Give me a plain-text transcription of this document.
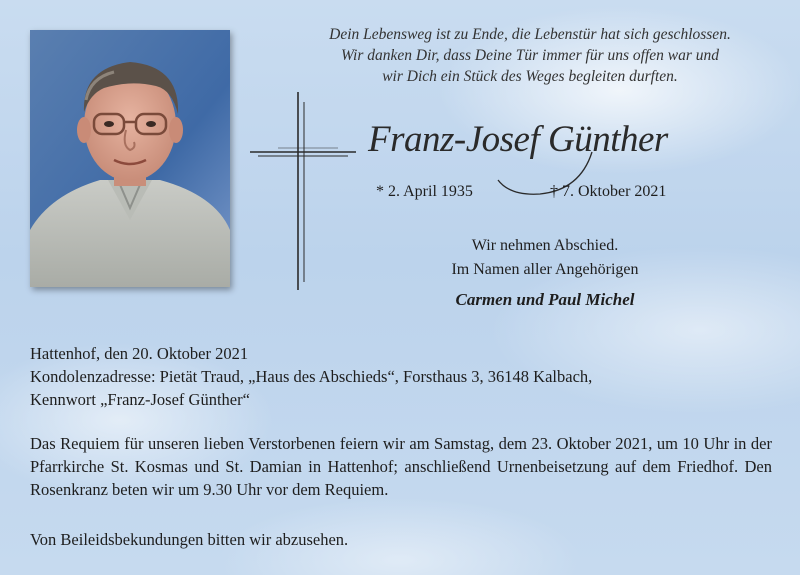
Dein Lebensweg ist zu Ende, die Lebenstür hat sich geschlossen.
Wir danken Dir, dass Deine Tür immer für uns offen war und
wir Dich ein Stück des Weges begleiten durften.
Franz-Josef Günther
* 2. April 1935	† 7. Oktober 2021
Wir nehmen Abschied.
Im Namen aller Angehörigen
Carmen und Paul Michel
Hattenhof, den 20. Oktober 2021
Kondolenzadresse: Pietät Traud, „Haus des Abschieds“, Forsthaus 3, 36148 Kalbach,
Kennwort „Franz-Josef Günther“
Das Requiem für unseren lieben Verstorbenen feiern wir am Samstag, dem 23. Oktober 2021, um 10 Uhr in der Pfarrkirche St. Kosmas und St. Damian in Hattenhof; anschließend Urnenbeisetzung auf dem Friedhof. Den Rosenkranz beten wir um 9.30 Uhr vor dem Requiem.
Von Beileidsbekundungen bitten wir abzusehen.
